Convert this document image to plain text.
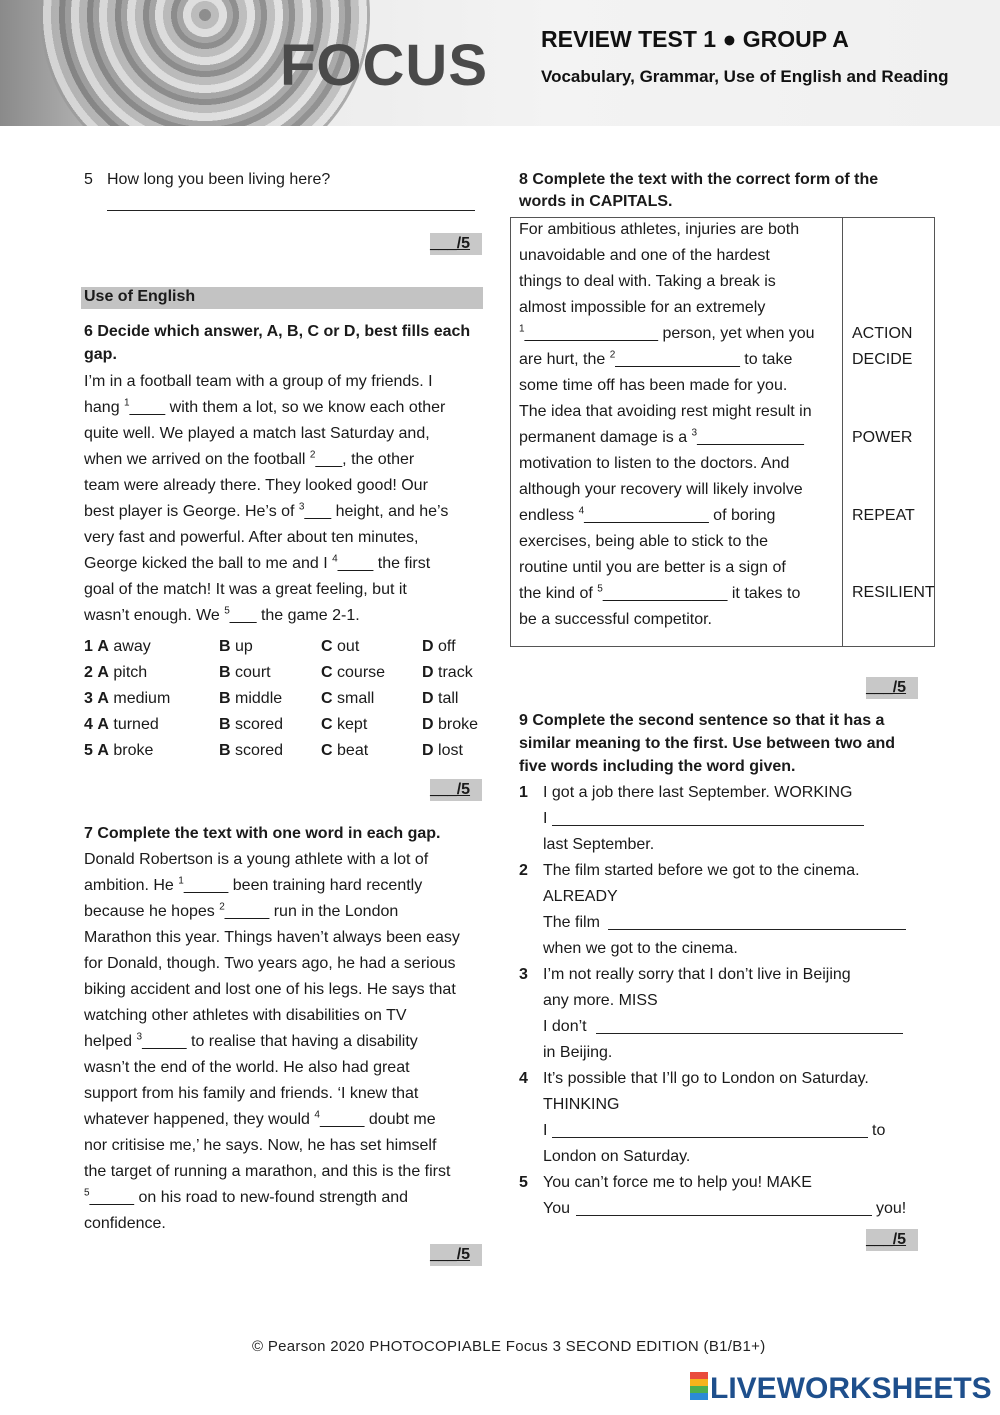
FOCUS REVIEW TEST 1 ● GROUP A
Vocabulary, Grammar, Use of English and Reading
5 How long you been living here?
___/5
Use of English
6 Decide which answer, A, B, C or D, best fills each
gap.
I’m in a football team with a group of my friends. I
hang $^1$____ with them a lot, so we know each other
quite well. We played a match last Saturday and,
when we arrived on the football $^2$___, the other
team were already there. They looked good! Our
best player is George. He’s of $^3$___ height, and he’s
very fast and powerful. After about ten minutes,
George kicked the ball to me and I $^4$____ the first
goal of the match! It was a great feeling, but it
wasn’t enough. We $^5$___ the game 2-1.
1 A away	B up	C out	D off
2 A pitch	B court	C course D track
3 A medium	B middle C small	D tall
4 A turned	B scored C kept	D broke
5 A broke	B scored C beat	D lost
___/5
7 Complete the text with one word in each gap.
Donald Robertson is a young athlete with a lot of
ambition. He $^1$_____ been training hard recently
because he hopes $^2$_____ run in the London
Marathon this year. Things haven’t always been easy
for Donald, though. Two years ago, he had a serious
biking accident and lost one of his legs. He says that
watching other athletes with disabilities on TV
helped $^3$_____ to realise that having a disability
wasn’t the end of the world. He also had great
support from his family and friends. ‘I knew that
whatever happened, they would $^4$_____ doubt me
nor critisise me,’ he says. Now, he has set himself
the target of running a marathon, and this is the first
$^5$_____ on his road to new-found strength and
confidence.
___/5
8 Complete the text with the correct form of the
words in CAPITALS.
For ambitious athletes, injuries are both
unavoidable and one of the hardest
things to deal with. Taking a break is
almost impossible for an extremely
$^1$_______________ person, yet when you
are hurt, the $^2$______________ to take
some time off has been made for you.
The idea that avoiding rest might result in
permanent damage is a $^3$____________
motivation to listen to the doctors. And
although your recovery will likely involve
endless $^4$______________ of boring
exercises, being able to stick to the
routine until you are better is a sign of
the kind of $^5$______________ it takes to
be a successful competitor.
ACTION
DECIDE
POWER
REPEAT
RESILIENT
___/5
9 Complete the second sentence so that it has a
similar meaning to the first. Use between two and
five words including the word given.
1 I got a job there last September. WORKING
I
last September.
2 The film started before we got to the cinema.
ALREADY
The film
when we got to the cinema.
3 I’m not really sorry that I don’t live in Beijing
any more. MISS
I don’t
in Beijing.
4 It’s possible that I’ll go to London on Saturday.
THINKING
I	to
London on Saturday.
5 You can’t force me to help you! MAKE
You	you!
___/5
© Pearson 2020 PHOTOCOPIABLE Focus 3 SECOND EDITION (B1/B1+)
LIVEWORKSHEETS
